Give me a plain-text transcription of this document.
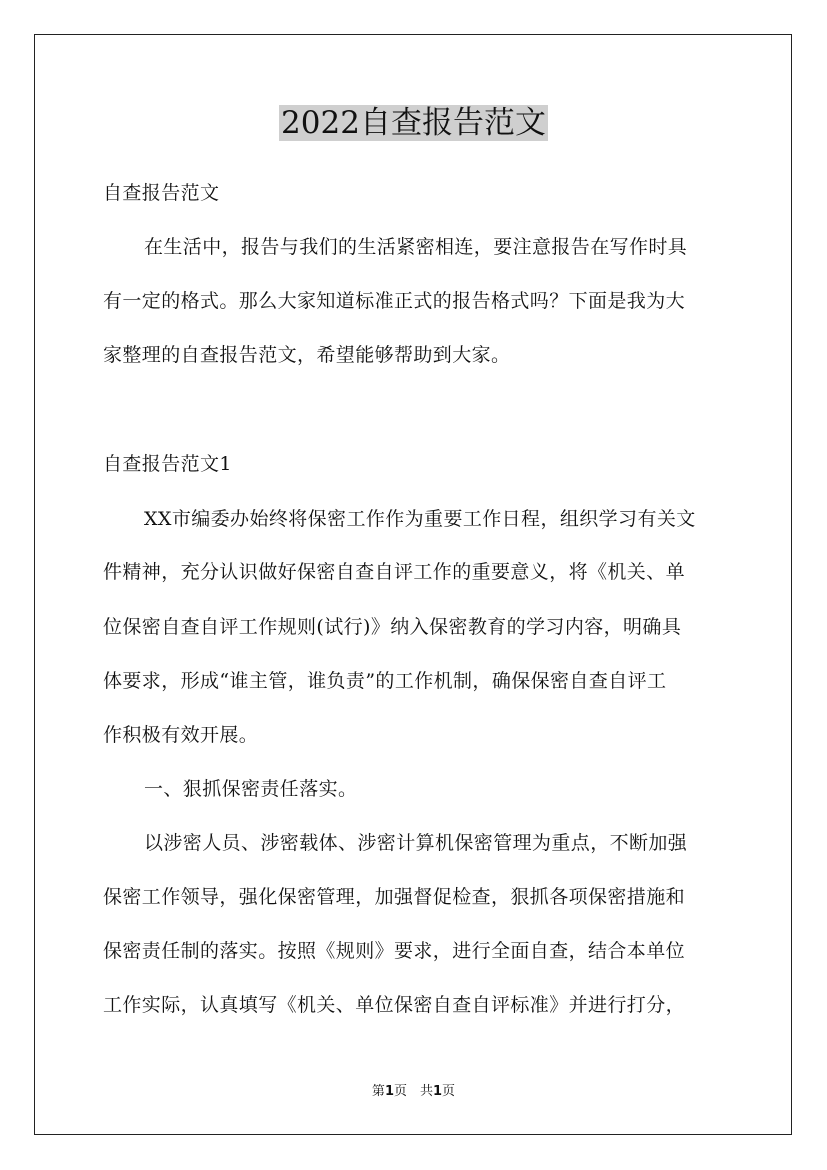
2022自查报告范文
自查报告范文
在生活中，报告与我们的生活紧密相连，要注意报告在写作时具
有一定的格式。那么大家知道标准正式的报告格式吗？下面是我为大
家整理的自查报告范文，希望能够帮助到大家。
自查报告范文1
XX市编委办始终将保密工作作为重要工作日程，组织学习有关文
件精神，充分认识做好保密自查自评工作的重要意义，将《机关、单
位保密自查自评工作规则(试行)》纳入保密教育的学习内容，明确具
体要求，形成“谁主管，谁负责”的工作机制，确保保密自查自评工
作积极有效开展。
一、狠抓保密责任落实。
以涉密人员、涉密载体、涉密计算机保密管理为重点，不断加强
保密工作领导，强化保密管理，加强督促检查，狠抓各项保密措施和
保密责任制的落实。按照《规则》要求，进行全面自查，结合本单位
工作实际，认真填写《机关、单位保密自查自评标准》并进行打分，
第1页　共1页
